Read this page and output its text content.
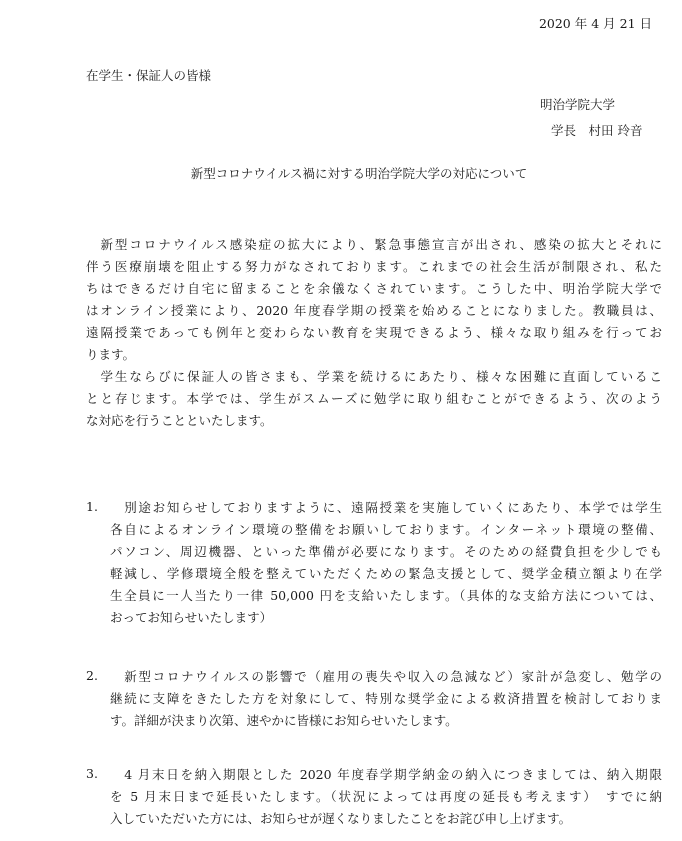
2020 年 4 月 21 日
在学生・保証人の皆様
明治学院大学
学長　村田 玲音
新型コロナウイルス禍に対する明治学院大学の対応について
　新型コロナウイルス感染症の拡大により、緊急事態宣言が出され、感染の拡大とそれに
伴う医療崩壊を阻止する努力がなされております。これまでの社会生活が制限され、私た
ちはできるだけ自宅に留まることを余儀なくされています。こうした中、明治学院大学で
はオンライン授業により、2020 年度春学期の授業を始めることになりました。教職員は、
遠隔授業であっても例年と変わらない教育を実現できるよう、様々な取り組みを行ってお
ります。
　学生ならびに保証人の皆さまも、学業を続けるにあたり、様々な困難に直面しているこ
とと存じます。本学では、学生がスムーズに勉学に取り組むことができるよう、次のよう
な対応を行うことといたします。
1. 　別途お知らせしておりますように、遠隔授業を実施していくにあたり、本学では学生
各自によるオンライン環境の整備をお願いしております。インターネット環境の整備、
パソコン、周辺機器、といった準備が必要になります。そのための経費負担を少しでも
軽減し、学修環境全般を整えていただくための緊急支援として、奨学金積立額より在学
生全員に一人当たり一律 50,000 円を支給いたします。（具体的な支給方法については、
おってお知らせいたします）
2. 　新型コロナウイルスの影響で（雇用の喪失や収入の急減など）家計が急変し、勉学の
継続に支障をきたした方を対象にして、特別な奨学金による救済措置を検討しておりま
す。詳細が決まり次第、速やかに皆様にお知らせいたします。
3. 　4 月末日を納入期限とした 2020 年度春学期学納金の納入につきましては、納入期限
を 5 月末日まで延長いたします。（状況によっては再度の延長も考えます）　すでに納
入していただいた方には、お知らせが遅くなりましたことをお詫び申し上げます。
